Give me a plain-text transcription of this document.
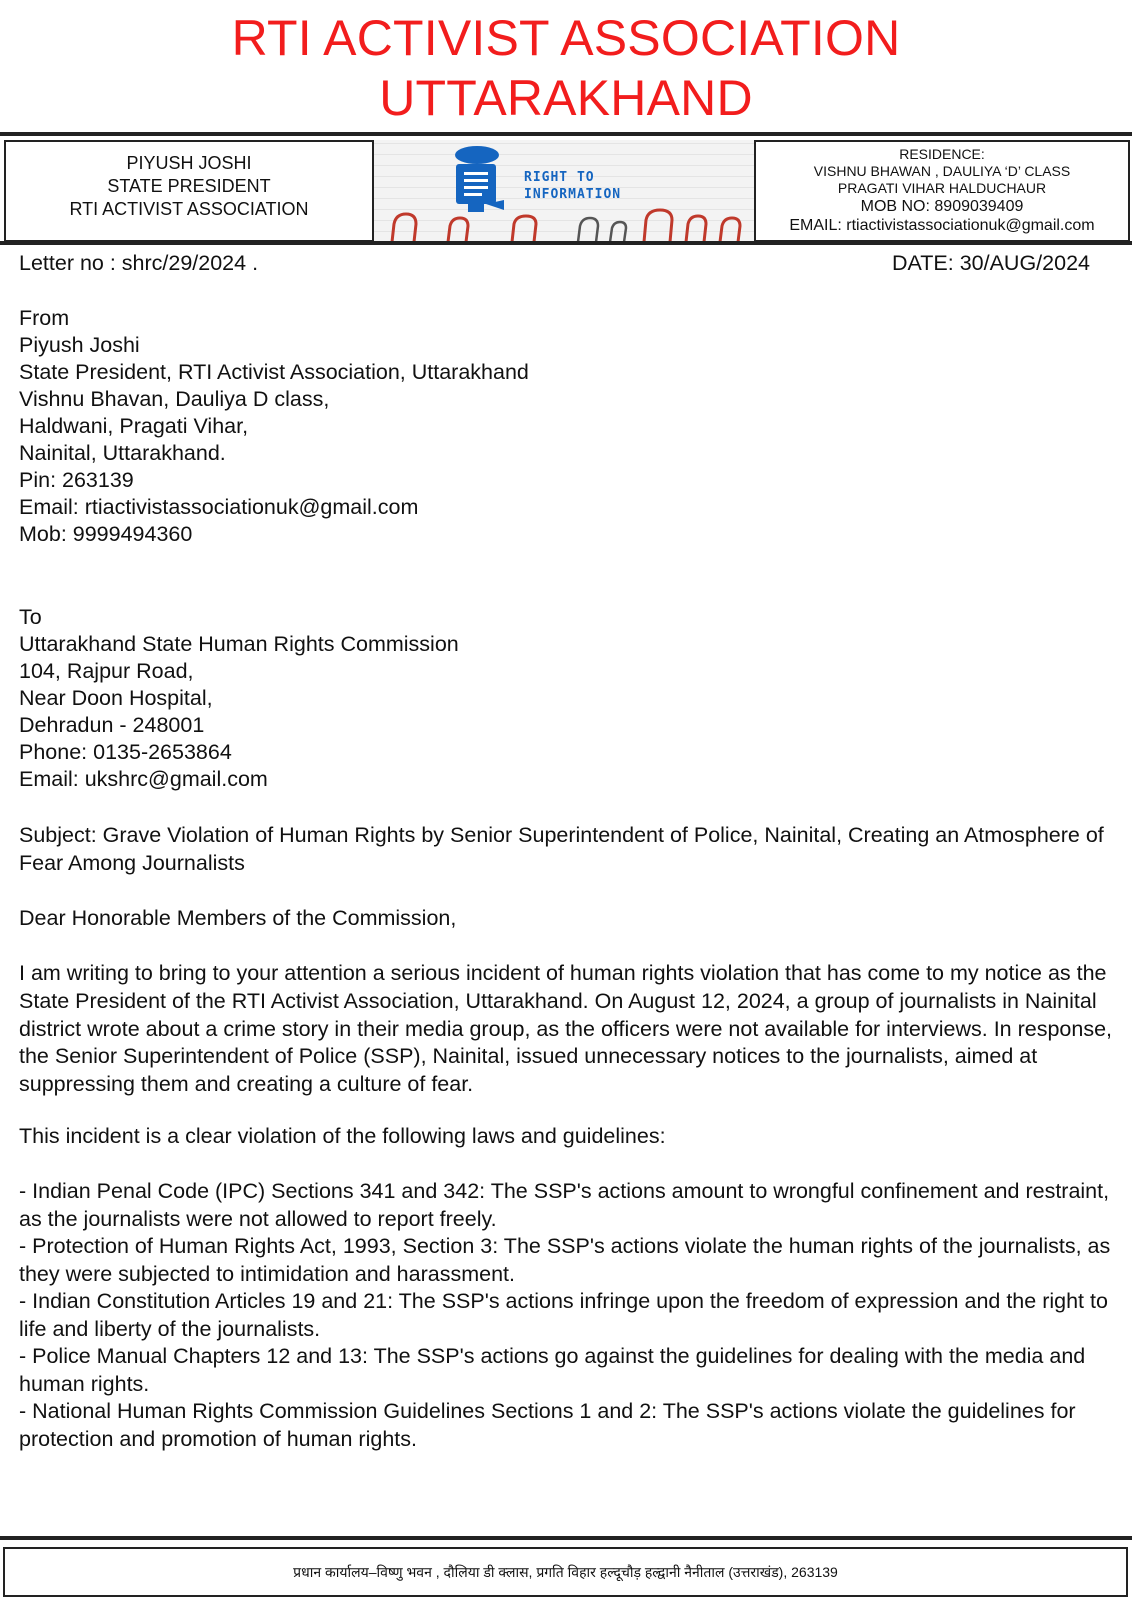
RTI ACTIVIST ASSOCIATION
UTTARAKHAND
PIYUSH JOSHI
STATE PRESIDENT
RTI ACTIVIST ASSOCIATION
RIGHT TO
INFORMATION
RESIDENCE:
VISHNU BHAWAN , DAULIYA ‘D’ CLASS
PRAGATI VIHAR HALDUCHAUR
MOB NO: 8909039409
EMAIL: rtiactivistassociationuk@gmail.com
Letter no : shrc/29/2024 .	DATE: 30/AUG/2024
From
Piyush Joshi
State President, RTI Activist Association, Uttarakhand
Vishnu Bhavan, Dauliya D class,
Haldwani, Pragati Vihar,
Nainital, Uttarakhand.
Pin: 263139
Email: rtiactivistassociationuk@gmail.com
Mob: 9999494360
To
Uttarakhand State Human Rights Commission
104, Rajpur Road,
Near Doon Hospital,
Dehradun - 248001
Phone: 0135-2653864
Email: ukshrc@gmail.com
Subject: Grave Violation of Human Rights by Senior Superintendent of Police, Nainital, Creating an Atmosphere of Fear Among Journalists
Dear Honorable Members of the Commission,
I am writing to bring to your attention a serious incident of human rights violation that has come to my notice as the State President of the RTI Activist Association, Uttarakhand. On August 12, 2024, a group of journalists in Nainital district wrote about a crime story in their media group, as the officers were not available for interviews. In response, the Senior Superintendent of Police (SSP), Nainital, issued unnecessary notices to the journalists, aimed at suppressing them and creating a culture of fear.
This incident is a clear violation of the following laws and guidelines:
- Indian Penal Code (IPC) Sections 341 and 342: The SSP's actions amount to wrongful confinement and restraint, as the journalists were not allowed to report freely.
- Protection of Human Rights Act, 1993, Section 3: The SSP's actions violate the human rights of the journalists, as they were subjected to intimidation and harassment.
- Indian Constitution Articles 19 and 21: The SSP's actions infringe upon the freedom of expression and the right to life and liberty of the journalists.
- Police Manual Chapters 12 and 13: The SSP's actions go against the guidelines for dealing with the media and human rights.
- National Human Rights Commission Guidelines Sections 1 and 2: The SSP's actions violate the guidelines for protection and promotion of human rights.
प्रधान कार्यालय–विष्णु भवन , दौलिया डी क्लास, प्रगति विहार हल्दूचौड़ हल्द्वानी नैनीताल (उत्तराखंड), 263139
